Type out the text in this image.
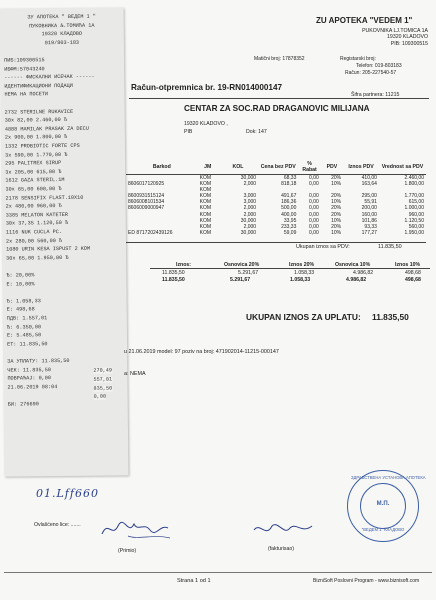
ЗУ АПОТЕКА " ВЕДЕМ 1 "
ПУКОВНИКА Љ.ТОМИЋА 1А
19320 КЛАДОВО
019/803-183
ПИБ:109300515
ИБФМ:57043240
------ ФИСКАЛНИ ИСЕЧАК ------
ИДЕНТИФИКАЦИОНИ ПОДАЦИ
НЕМА НА ПОСЕТИ
2732 STERILNE RUKAVICE
30x 82,00 2.460,00 Ђ
4888 MAMILAK PRASAK ZA DECU
2x 900,00 1.800,00 Ђ
1332 PROBIOTIC FORTE CPS
3x 590,00 1.770,00 Ђ
295 PALITREX SIRUP
3x 205,00 615,00 Ђ
1612 GAZA STERIL.1M
30x 65,00 600,00 Ђ
2178 SENSIFIX FLAST.10X10
2x 480,00 960,00 Ђ
3385 MELATON KATETER
30x 37,35 1.120,50 Ђ
1116 NUK CUCLA PC.
2x 280,00 560,00 Ђ
1080 URIN KESA ISPUST 2 KOM
30x 65,00 1.950,00 Ђ
Ђ: 20,00%
Е: 10,00%
Ђ: 1.058,33
Е: 498,68
ПДВ: 1.557,01
Ђ: 6.350,00
Е: 5.485,50
ЕТ: 11.835,50
ЗА УПЛАТУ: 11.835,50
ЧЕК: 11.835,50
ПОВРАЋАЈ: 0,00
21.06.2019 08:04
БИ: 276690
270,49
557,01
835,50
0,00
ZU APOTEKA "VEDEM 1"
PUKOVNIKA LJ.TOMICA 1A
19320 KLADOVO
PIB: 109300515
Matični broj: 17878352	Registarski broj:
Telefon: 019-803183
Račun: 205-227540-57
Račun-otpremnica br. 19-RN014000147
Šifra partnera: 11215
CENTAR ZA SOC.RAD DRAGANOVIC MILIJANA
19320 KLADOVO ,
PIB	Dok: 147
Barkod	JM	KOL	Cena bez PDV	% Rabat	PDV	Iznos PDV	Vrednost sa PDV
	KOM	30,000	68,33	0,00	20%	410,00	2.460,00
8606017120925	KOM	2,000	818,18	0,00	10%	163,64	1.800,00
	KOM						
8600931515124	KOM	3,000	491,67	0,00	20%	295,00	1.770,00
8606008101534	KOM	3,000	186,36	0,00	10%	55,91	615,00
8606009000947	KOM	2,000	500,00	0,00	20%	200,00	1.000,00
	KOM	2,000	400,00	0,00	20%	160,00	960,00
	KOM	30,000	33,95	0,00	10%	101,86	1.120,50
	KOM	2,000	233,33	0,00	20%	93,33	560,00
ED 8717202439126	KOM	30,000	59,09	0,00	10%	177,27	1.950,00
Ukupan iznos sa PDV:	11.835,50
Iznos:	Osnovica 20%	Iznos 20%	Osnovica 10%	Iznos 10%
11.835,50	5.291,67	1.058,33	4.986,82	498,68
11.835,50	5.291,67	1.058,33	4.986,82	498,68
UKUPAN IZNOS ZA UPLATU: 11.835,50
u 21.06.2019 model: 97 poziv na broj: 471902014-11215-000147
a: NEMA
01.Lff660
Ovlašćeno lice: .......
(Primio)	(fakturisao)
ЗДРАВСТВЕНА УСТАНОВА АПОТЕКА
М.П.
"ВЕДЕМ 1" КЛАДОВО
Strana 1 od 1	BizniSoft Poslovni Program - www.biznisoft.com
